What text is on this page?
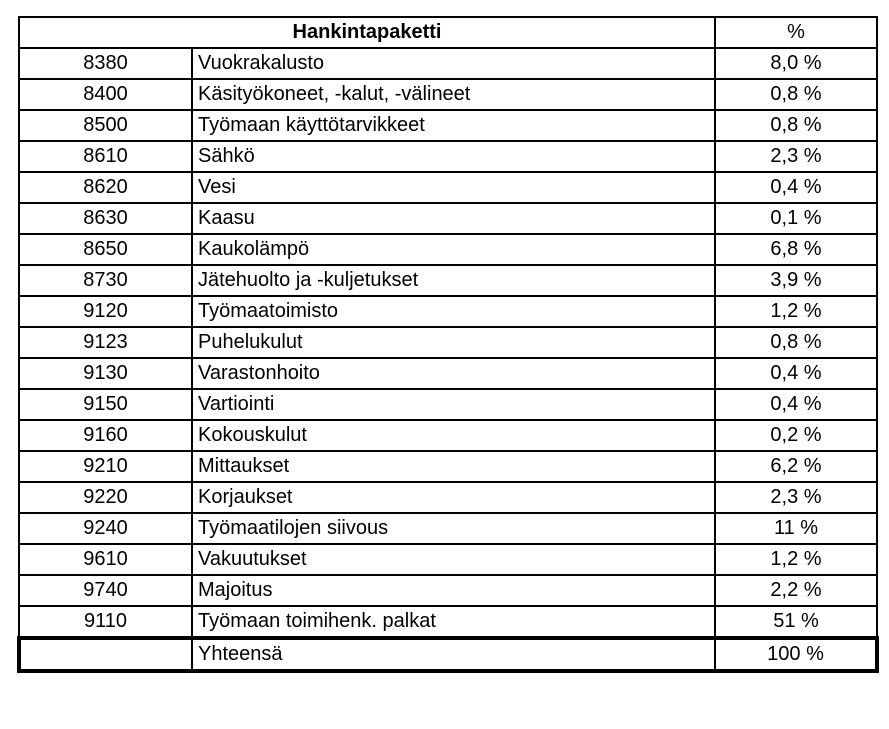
Hankintapaketti		%
8380	Vuokrakalusto	8,0 %
8400	Käsityökoneet, -kalut, -välineet	0,8 %
8500	Työmaan käyttötarvikkeet	0,8 %
8610	Sähkö	2,3 %
8620	Vesi	0,4 %
8630	Kaasu	0,1 %
8650	Kaukolämpö	6,8 %
8730	Jätehuolto ja -kuljetukset	3,9 %
9120	Työmaatoimisto	1,2 %
9123	Puhelukulut	0,8 %
9130	Varastonhoito	0,4 %
9150	Vartiointi	0,4 %
9160	Kokouskulut	0,2 %
9210	Mittaukset	6,2 %
9220	Korjaukset	2,3 %
9240	Työmaatilojen siivous	11 %
9610	Vakuutukset	1,2 %
9740	Majoitus	2,2 %
9110	Työmaan toimihenk. palkat	51 %
	Yhteensä	100 %
